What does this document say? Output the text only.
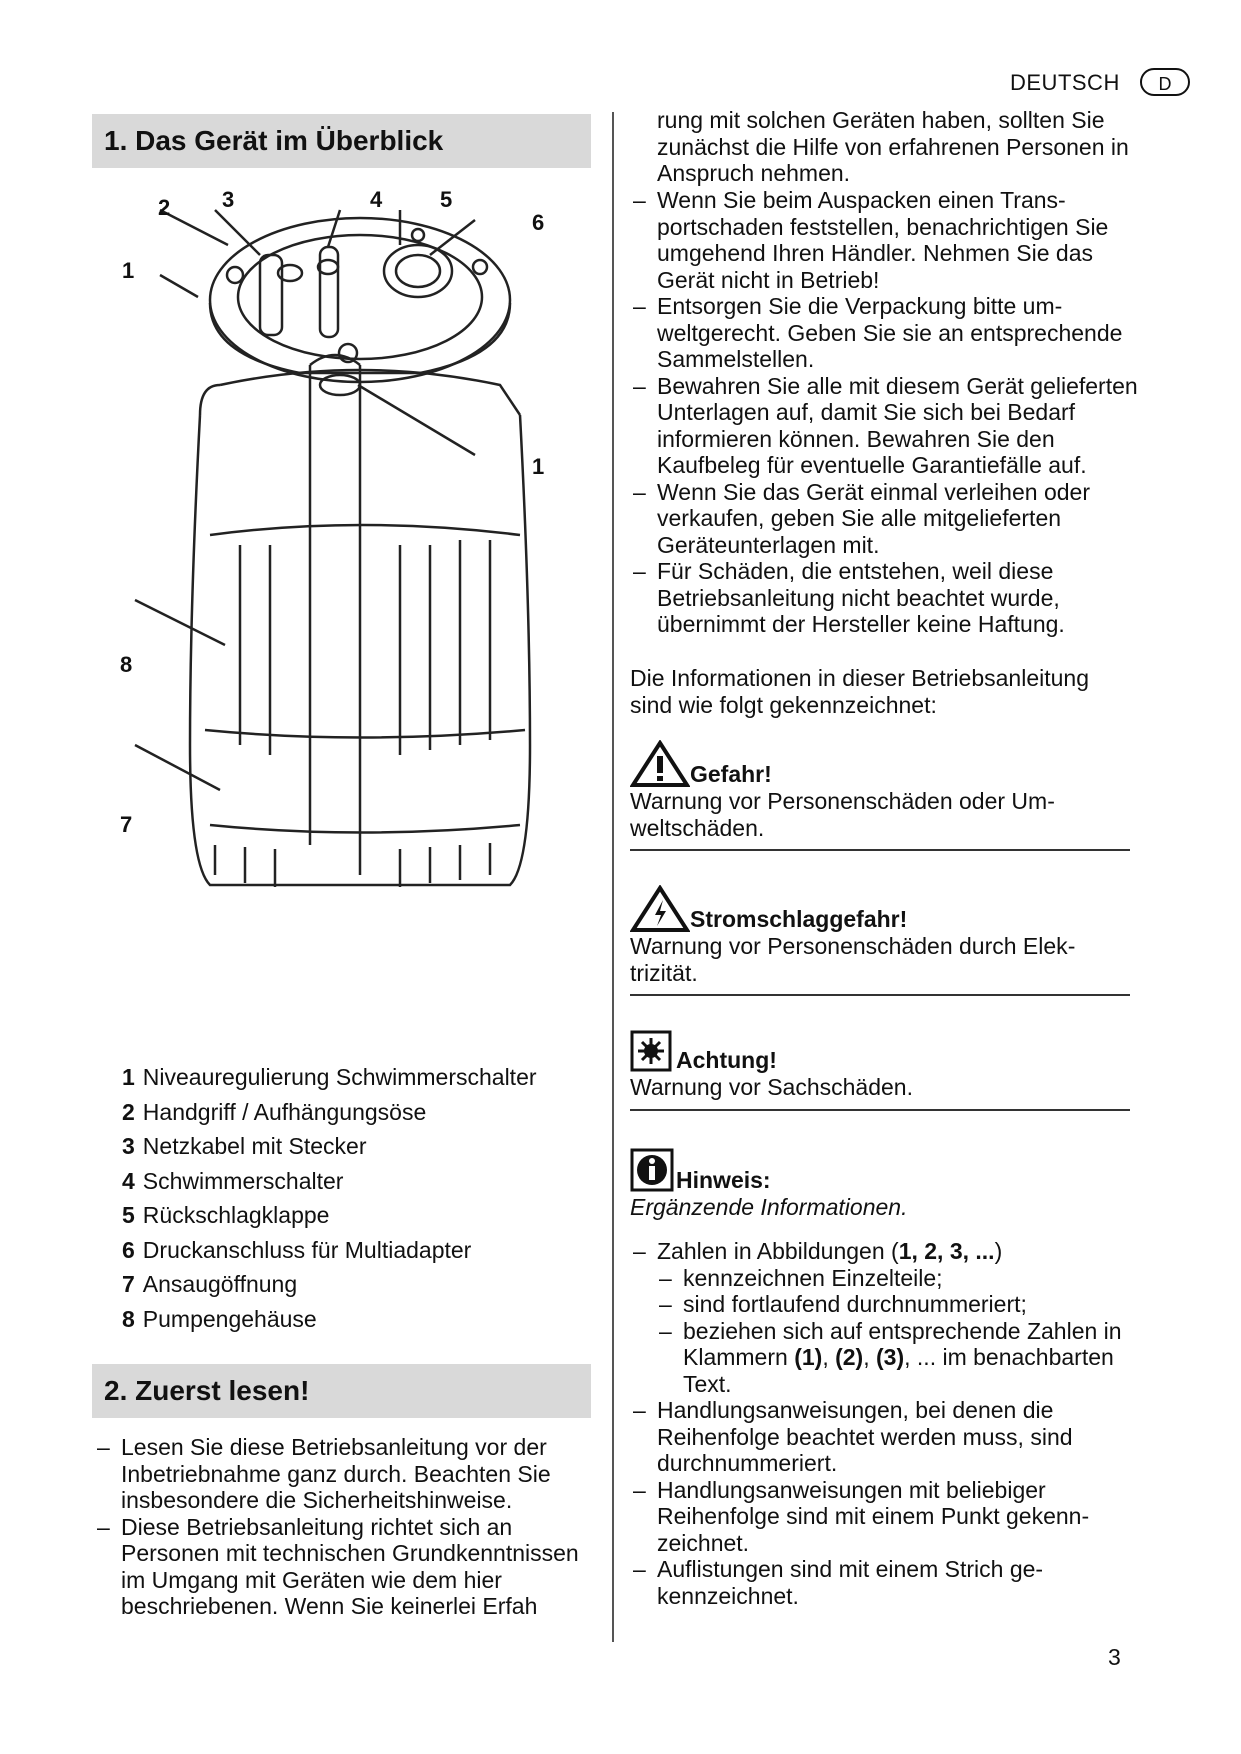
DEUTSCH	D
1. Das Gerät im Überblick
1
2 3	4	5
6
1
8
7
1 Niveauregulierung Schwimmerschalter
2 Handgriff / Aufhängungsöse
3 Netzkabel mit Stecker
4 Schwimmerschalter
5 Rückschlagklappe
6 Druckanschluss für Multiadapter
7 Ansaugöffnung
8 Pumpengehäuse
2. Zuerst lesen!
– Lesen Sie diese Betriebsanleitung vor der Inbetriebnahme ganz durch. Beachten Sie insbesondere die Sicherheitshinweise.
– Diese Betriebsanleitung richtet sich an Personen mit technischen Grundkenntnissen im Umgang mit Geräten wie dem hier beschriebenen. Wenn Sie keinerlei Erfah
rung mit solchen Geräten haben, sollten Sie zunächst die Hilfe von erfahrenen Personen in Anspruch nehmen.
– Wenn Sie beim Auspacken einen Transportschaden feststellen, benachrichtigen Sie umgehend Ihren Händler. Nehmen Sie das Gerät nicht in Betrieb!
– Entsorgen Sie die Verpackung bitte umweltgerecht. Geben Sie sie an entsprechende Sammelstellen.
– Bewahren Sie alle mit diesem Gerät gelieferten Unterlagen auf, damit Sie sich bei Bedarf informieren können. Bewahren Sie den Kaufbeleg für eventuelle Garantiefälle auf.
– Wenn Sie das Gerät einmal verleihen oder verkaufen, geben Sie alle mitgelieferten Geräteunterlagen mit.
– Für Schäden, die entstehen, weil diese Betriebsanleitung nicht beachtet wurde, übernimmt der Hersteller keine Haftung.
Die Informationen in dieser Betriebsanleitung sind wie folgt gekennzeichnet:
Gefahr!
Warnung vor Personenschäden oder Umweltschäden.
Stromschlaggefahr!
Warnung vor Personenschäden durch Elektrizität.
Achtung!
Warnung vor Sachschäden.
Hinweis:
Ergänzende Informationen.
– Zahlen in Abbildungen (1, 2, 3, ...)
– kennzeichnen Einzelteile;
– sind fortlaufend durchnummeriert;
– beziehen sich auf entsprechende Zahlen in Klammern (1), (2), (3), ... im benachbarten Text.
– Handlungsanweisungen, bei denen die Reihenfolge beachtet werden muss, sind durchnummeriert.
– Handlungsanweisungen mit beliebiger Reihenfolge sind mit einem Punkt gekennzeichnet.
– Auflistungen sind mit einem Strich gekennzeichnet.
3
